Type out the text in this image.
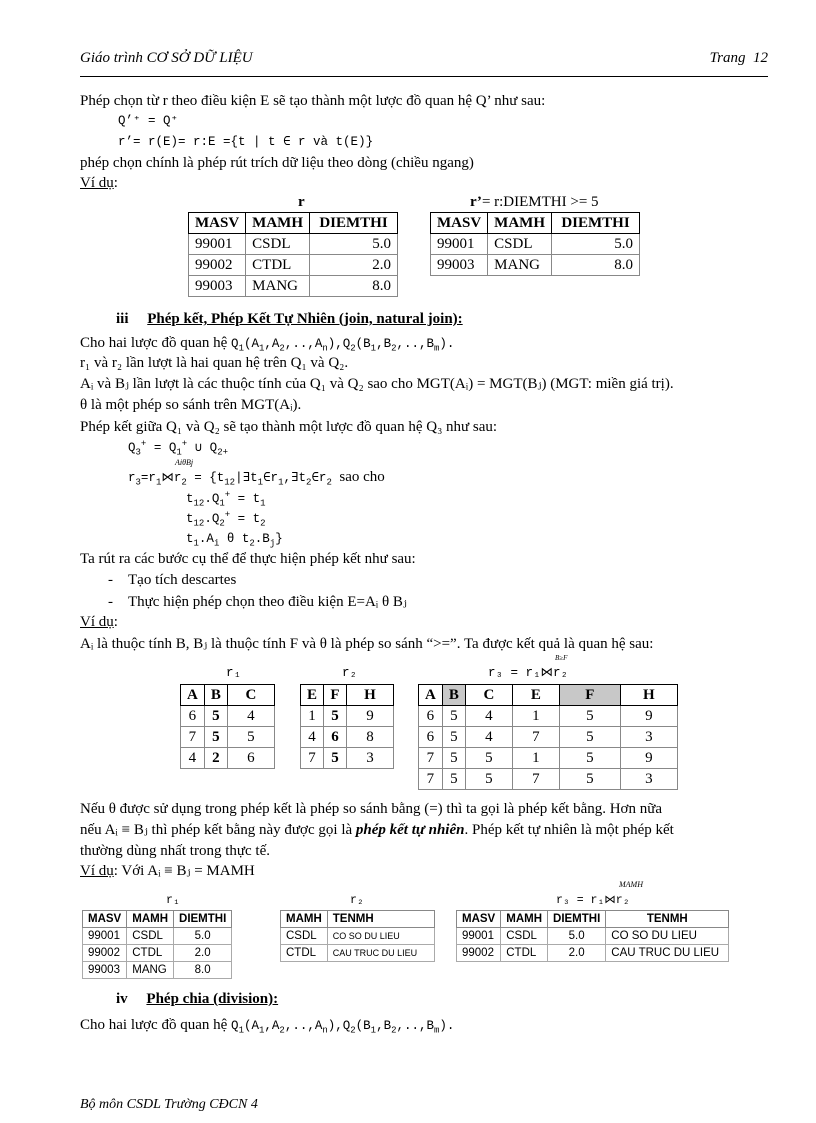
Giáo trình CƠ SỞ DỮ LIỆU	Trang 12
Phép chọn từ r theo điều kiện E sẽ tạo thành một lược đồ quan hệ Q’ như sau:
Q’⁺ = Q⁺
r’= r(E)= r:E ={t | t ∈ r và t(E)}
phép chọn chính là phép rút trích dữ liệu theo dòng (chiều ngang)
Ví dụ:
r	r’= r:DIEMTHI >= 5
MASV	MAMH	DIEMTHI
99001	CSDL	5.0
99002	CTDL	2.0
99003	MANG	8.0
MASV	MAMH	DIEMTHI
99001	CSDL	5.0
99003	MANG	8.0
iii Phép kết, Phép Kết Tự Nhiên (join, natural join):
Cho hai lược đồ quan hệ $Q_1(A_1,A_2,..,A_n),Q_2(B_1,B_2,..,B_m)$.
r₁ và r₂ lần lượt là hai quan hệ trên Q₁ và Q₂.
Aᵢ và Bⱼ lần lượt là các thuộc tính của Q₁ và Q₂ sao cho MGT(Aᵢ) = MGT(Bⱼ) (MGT: miền giá trị).
θ là một phép so sánh trên MGT(Aᵢ).
Phép kết giữa Q₁ và Q₂ sẽ tạo thành một lược đồ quan hệ Q₃ như sau:
$Q_3^+ = Q_1^+$ ∪ $Q_{2+}$
AiθBj
$r_3=r_1⋈r_2$ = {$t_{12}|\exists t_1\in r_1,\exists t_2\in r_2$ sao cho
$t_{12}.Q_1^+ = t_1$
$t_{12}.Q_2^+ = t_2$
$t_1.A_i$ θ $t_2.B_j$}
Ta rút ra các bước cụ thể để thực hiện phép kết như sau:
-    Tạo tích descartes
-    Thực hiện phép chọn theo điều kiện E=Aᵢ θ Bⱼ
Ví dụ:
Aᵢ là thuộc tính B, Bⱼ là thuộc tính F và θ là phép so sánh “>=”. Ta được kết quả là quan hệ sau:
r₁	r₂
B≥F
r₃ = r₁⋈r₂
A	B	C
6	5	4
7	5	5
4	2	6
E	F	H
1	5	9
4	6	8
7	5	3
A	B	C	E	F	H
6	5	4	1	5	9
6	5	4	7	5	3
7	5	5	1	5	9
7	5	5	7	5	3
Nếu θ được sử dụng trong phép kết là phép so sánh bằng (=) thì ta gọi là phép kết bằng. Hơn nữa
nếu Aᵢ ≡ Bⱼ thì phép kết bằng này được gọi là phép kết tự nhiên. Phép kết tự nhiên là một phép kết
thường dùng nhất trong thực tế.
Ví dụ: Với Aᵢ ≡ Bⱼ = MAMH
r₁	r₂
MAMH
r₃ = r₁⋈r₂
MASV	MAMH	DIEMTHI
99001	CSDL	5.0
99002	CTDL	2.0
99003	MANG	8.0
MAMH	TENMH
CSDL	CO SO DU LIEU
CTDL	CAU TRUC DU LIEU
MASV	MAMH	DIEMTHI	TENMH
99001	CSDL	5.0	CO SO DU LIEU
99002	CTDL	2.0	CAU TRUC DU LIEU
iv Phép chia (division):
Cho hai lược đồ quan hệ $Q_1(A_1,A_2,..,A_n),Q_2(B_1,B_2,..,B_m)$.
Bộ môn CSDL Trường CĐCN 4
